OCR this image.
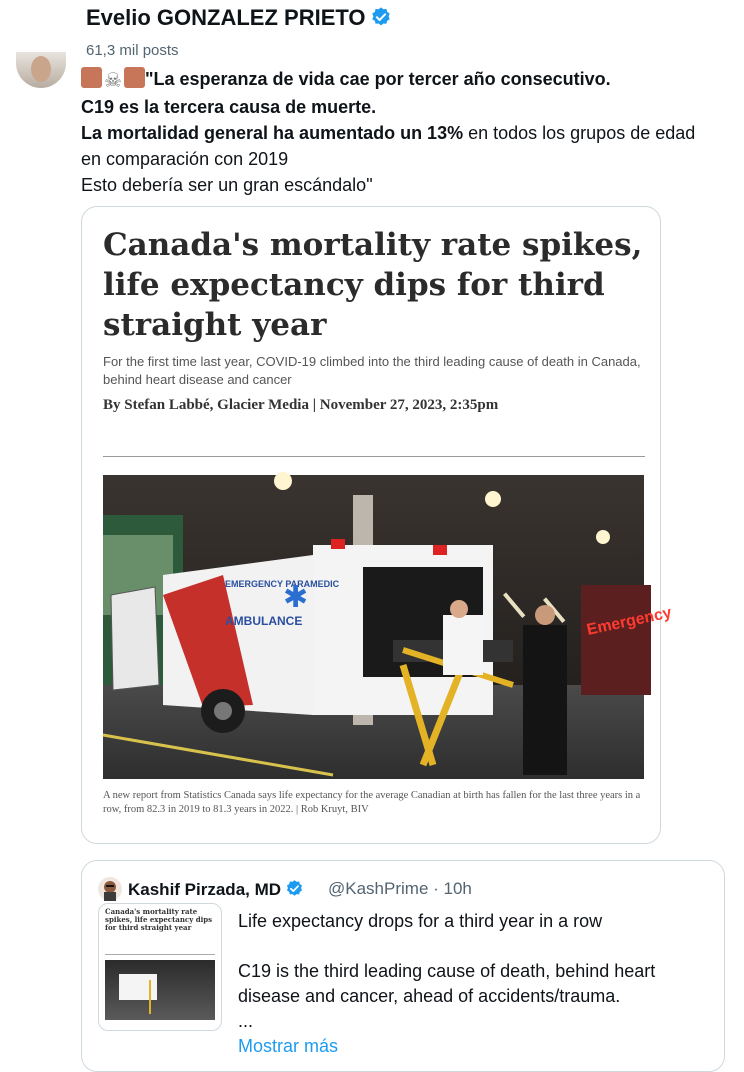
Evelio GONZALEZ PRIETO
61,3 mil posts
☠ "La esperanza de vida cae por tercer año consecutivo.
C19 es la tercera causa de muerte.
La mortalidad general ha aumentado un 13% en todos los grupos de edad
en comparación con 2019
Esto debería ser un gran escándalo"
Canada's mortality rate spikes, life expectancy dips for third straight year
For the first time last year, COVID-19 climbed into the third leading cause of death in Canada, behind heart disease and cancer
By Stefan Labbé, Glacier Media | November 27, 2023, 2:35pm
Emergency
EMERGENCY PARAMEDIC
AMBULANCE
✱
A new report from Statistics Canada says life expectancy for the average Canadian at birth has fallen for the last three years in a row, from 82.3 in 2019 to 81.3 years in 2022. | Rob Kruyt, BIV
Kashif Pirzada, MD	@KashPrime · 10h
Canada's mortality rate spikes, life expectancy dips for third straight year	Life expectancy drops for a third year in a row
C19 is the third leading cause of death, behind heart disease and cancer, ahead of accidents/trauma.
...
Mostrar más
